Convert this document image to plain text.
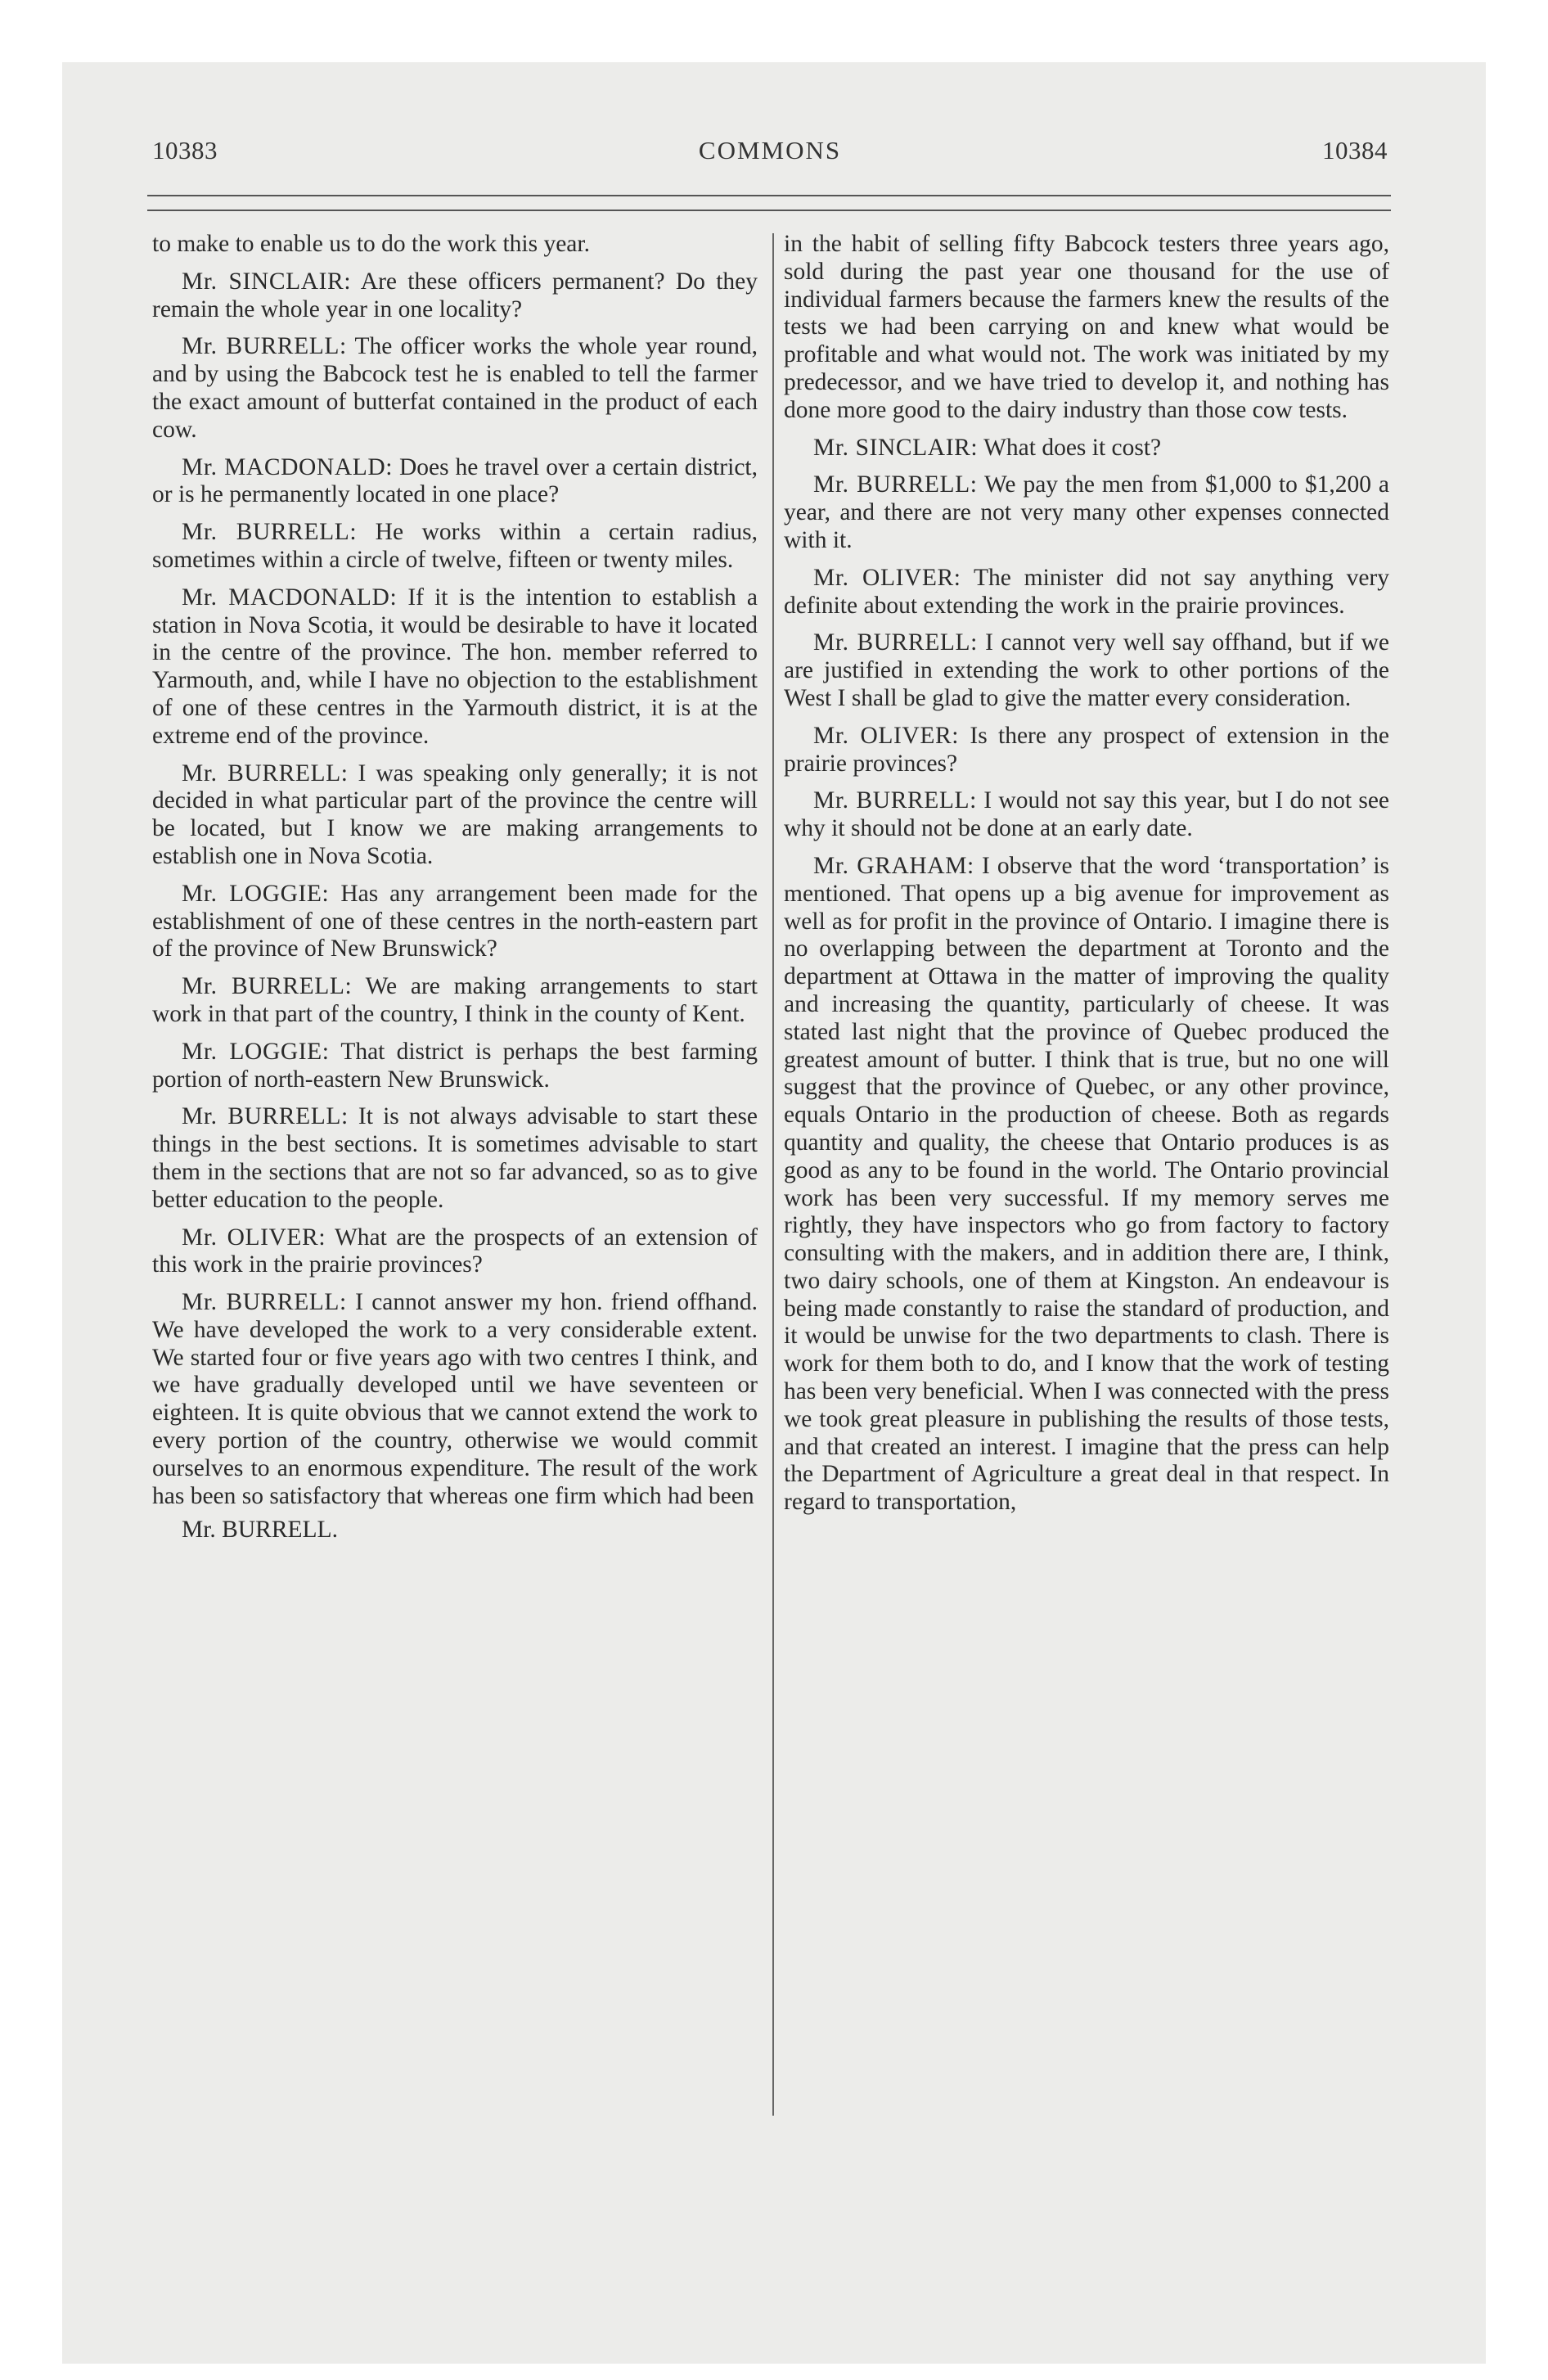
10383	COMMONS	10384

to make to enable us to do the work this year.

Mr. SINCLAIR: Are these officers permanent? Do they remain the whole year in one locality?

Mr. BURRELL: The officer works the whole year round, and by using the Babcock test he is enabled to tell the farmer the exact amount of butterfat contained in the product of each cow.

Mr. MACDONALD: Does he travel over a certain district, or is he permanently located in one place?

Mr. BURRELL: He works within a certain radius, sometimes within a circle of twelve, fifteen or twenty miles.

Mr. MACDONALD: If it is the intention to establish a station in Nova Scotia, it would be desirable to have it located in the centre of the province. The hon. member referred to Yarmouth, and, while I have no objection to the establishment of one of these centres in the Yarmouth district, it is at the extreme end of the province.

Mr. BURRELL: I was speaking only generally; it is not decided in what particular part of the province the centre will be located, but I know we are making arrangements to establish one in Nova Scotia.

Mr. LOGGIE: Has any arrangement been made for the establishment of one of these centres in the north-eastern part of the province of New Brunswick?

Mr. BURRELL: We are making arrangements to start work in that part of the country, I think in the county of Kent.

Mr. LOGGIE: That district is perhaps the best farming portion of north-eastern New Brunswick.

Mr. BURRELL: It is not always advisable to start these things in the best sections. It is sometimes advisable to start them in the sections that are not so far advanced, so as to give better education to the people.

Mr. OLIVER: What are the prospects of an extension of this work in the prairie provinces?

Mr. BURRELL: I cannot answer my hon. friend offhand. We have developed the work to a very considerable extent. We started four or five years ago with two centres I think, and we have gradually developed until we have seventeen or eighteen. It is quite obvious that we cannot extend the work to every portion of the country, otherwise we would commit ourselves to an enormous expenditure. The result of the work has been so satisfactory that whereas one firm which had been

Mr. BURRELL.

in the habit of selling fifty Babcock testers three years ago, sold during the past year one thousand for the use of individual farmers because the farmers knew the results of the tests we had been carrying on and knew what would be profitable and what would not. The work was initiated by my predecessor, and we have tried to develop it, and nothing has done more good to the dairy industry than those cow tests.

Mr. SINCLAIR: What does it cost?

Mr. BURRELL: We pay the men from $1,000 to $1,200 a year, and there are not very many other expenses connected with it.

Mr. OLIVER: The minister did not say anything very definite about extending the work in the prairie provinces.

Mr. BURRELL: I cannot very well say offhand, but if we are justified in extending the work to other portions of the West I shall be glad to give the matter every consideration.

Mr. OLIVER: Is there any prospect of extension in the prairie provinces?

Mr. BURRELL: I would not say this year, but I do not see why it should not be done at an early date.

Mr. GRAHAM: I observe that the word ‘transportation’ is mentioned. That opens up a big avenue for improvement as well as for profit in the province of Ontario. I imagine there is no overlapping between the department at Toronto and the department at Ottawa in the matter of improving the quality and increasing the quantity, particularly of cheese. It was stated last night that the province of Quebec produced the greatest amount of butter. I think that is true, but no one will suggest that the province of Quebec, or any other province, equals Ontario in the production of cheese. Both as regards quantity and quality, the cheese that Ontario produces is as good as any to be found in the world. The Ontario provincial work has been very successful. If my memory serves me rightly, they have inspectors who go from factory to factory consulting with the makers, and in addition there are, I think, two dairy schools, one of them at Kingston. An endeavour is being made constantly to raise the standard of production, and it would be unwise for the two departments to clash. There is work for them both to do, and I know that the work of testing has been very beneficial. When I was connected with the press we took great pleasure in publishing the results of those tests, and that created an interest. I imagine that the press can help the Department of Agriculture a great deal in that respect. In regard to transportation,
